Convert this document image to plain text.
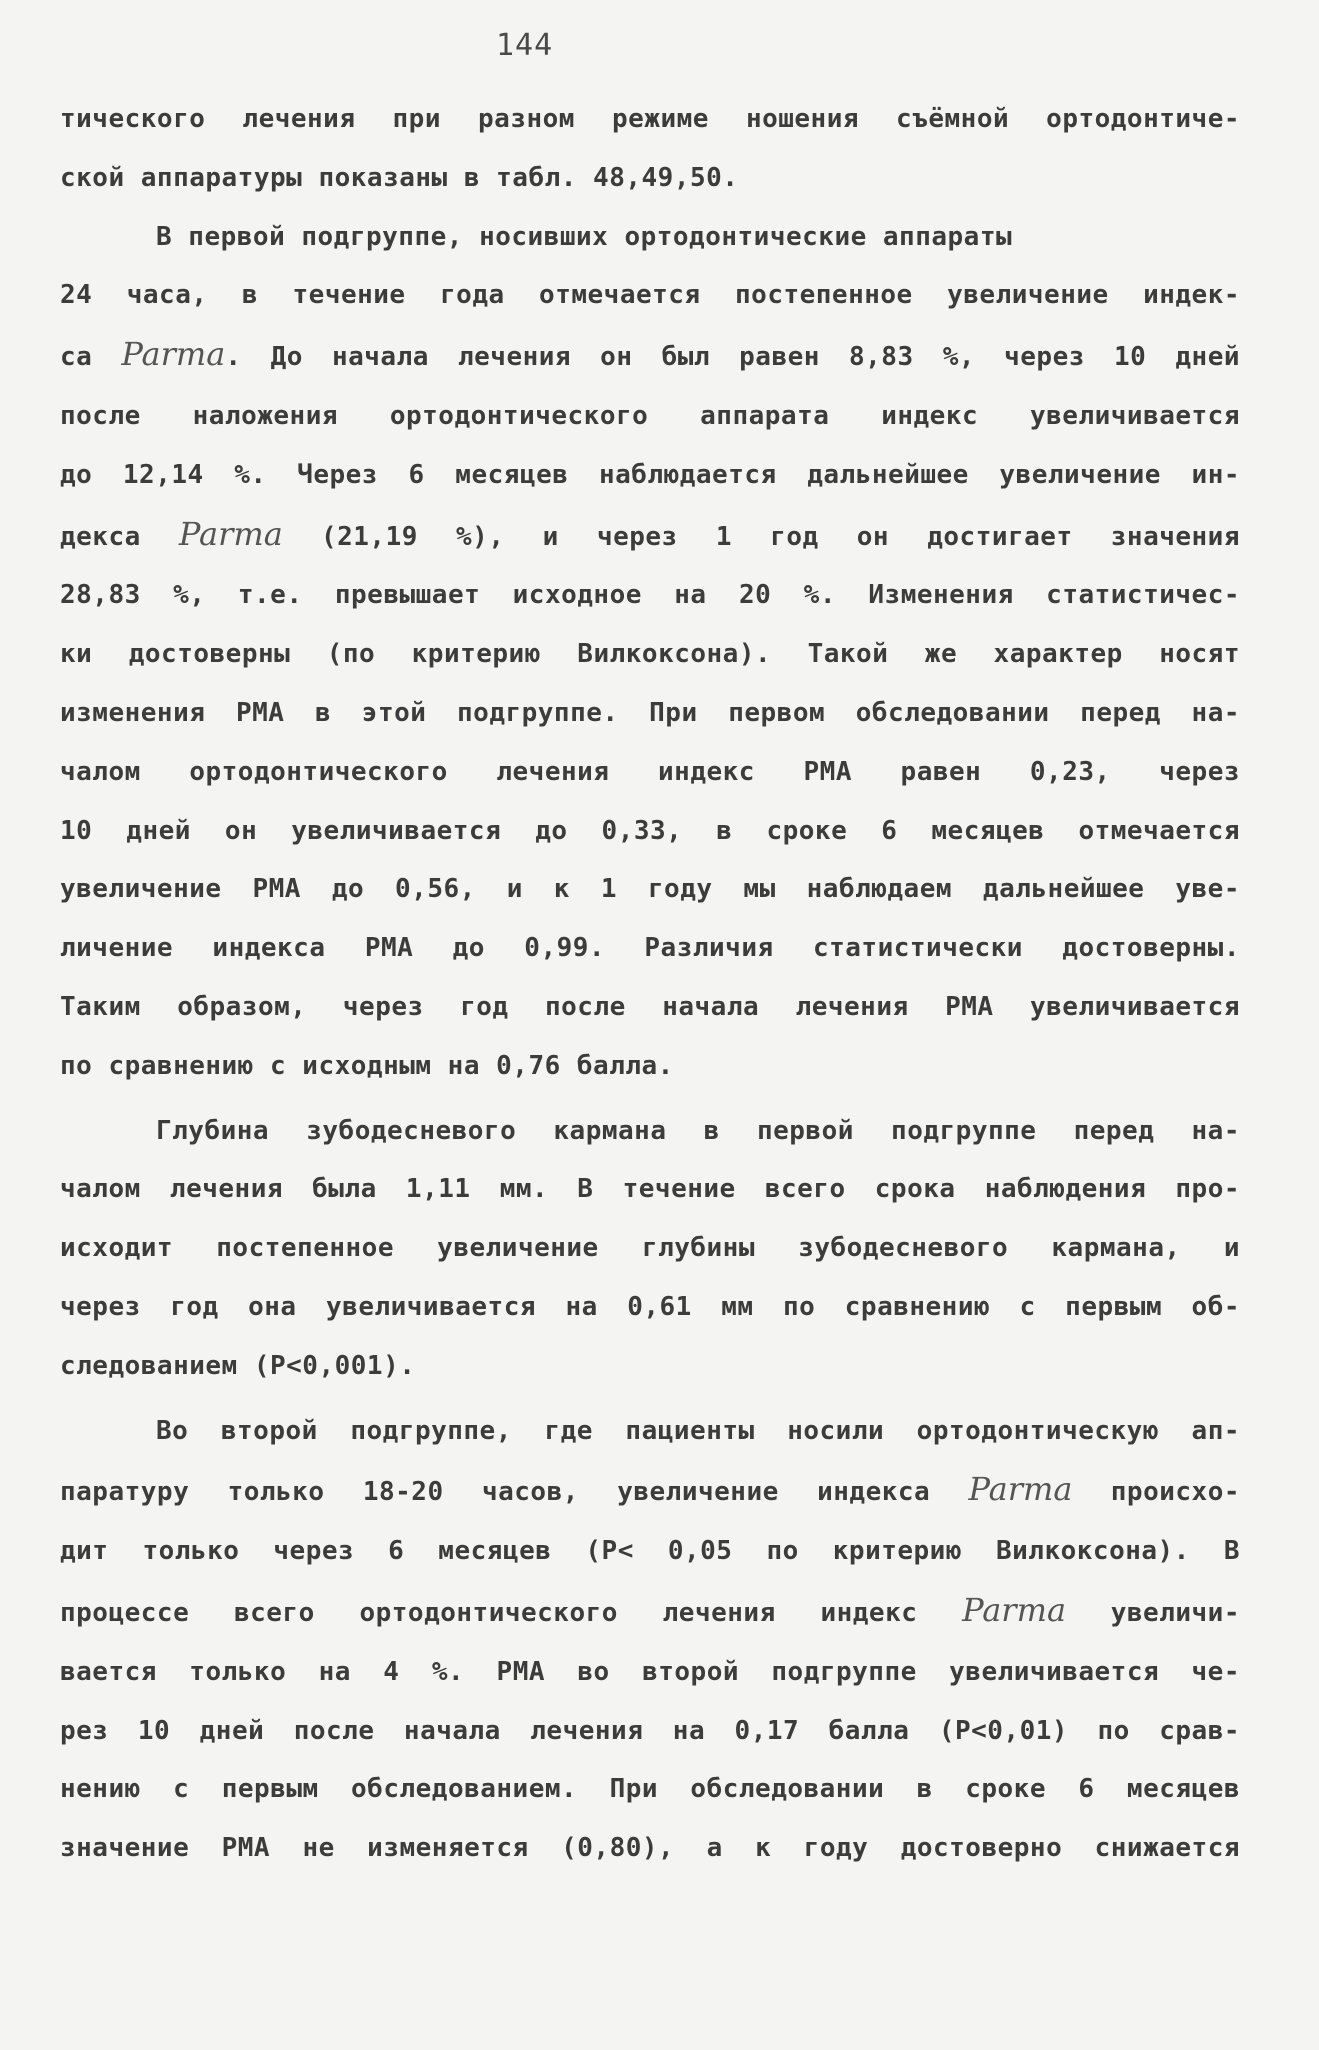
144
тического лечения при разном режиме ношения съёмной ортодонтиче-
ской аппаратуры показаны в табл. 48,49,50.
В первой подгруппе, носивших ортодонтические аппараты
24 часа, в течение года отмечается постепенное увеличение индек-
са Parma. До начала лечения он был равен 8,83 %, через 10 дней
после наложения ортодонтического аппарата индекс увеличивается
до 12,14 %. Через 6 месяцев наблюдается дальнейшее увеличение ин-
декса Parma (21,19 %), и через 1 год он достигает значения
28,83 %, т.е. превышает исходное на 20 %. Изменения статистичес-
ки достоверны (по критерию Вилкоксона). Такой же характер носят
изменения РМА в этой подгруппе. При первом обследовании перед на-
чалом ортодонтического лечения индекс РМА равен 0,23, через
10 дней он увеличивается до 0,33, в сроке 6 месяцев отмечается
увеличение РМА до 0,56, и к 1 году мы наблюдаем дальнейшее уве-
личение индекса РМА до 0,99. Различия статистически достоверны.
Таким образом, через год после начала лечения РМА увеличивается
по сравнению с исходным на 0,76 балла.
Глубина зубодесневого кармана в первой подгруппе перед на-
чалом лечения была 1,11 мм. В течение всего срока наблюдения про-
исходит постепенное увеличение глубины зубодесневого кармана, и
через год она увеличивается на 0,61 мм по сравнению с первым об-
следованием (Р<0,001).
Во второй подгруппе, где пациенты носили ортодонтическую ап-
паратуру только 18-20 часов, увеличение индекса Parma происхо-
дит только через 6 месяцев (Р< 0,05 по критерию Вилкоксона). В
процессе всего ортодонтического лечения индекс Parma увеличи-
вается только на 4 %. РМА во второй подгруппе увеличивается че-
рез 10 дней после начала лечения на 0,17 балла (Р<0,01) по срав-
нению с первым обследованием. При обследовании в сроке 6 месяцев
значение РМА не изменяется (0,80), а к году достоверно снижается
